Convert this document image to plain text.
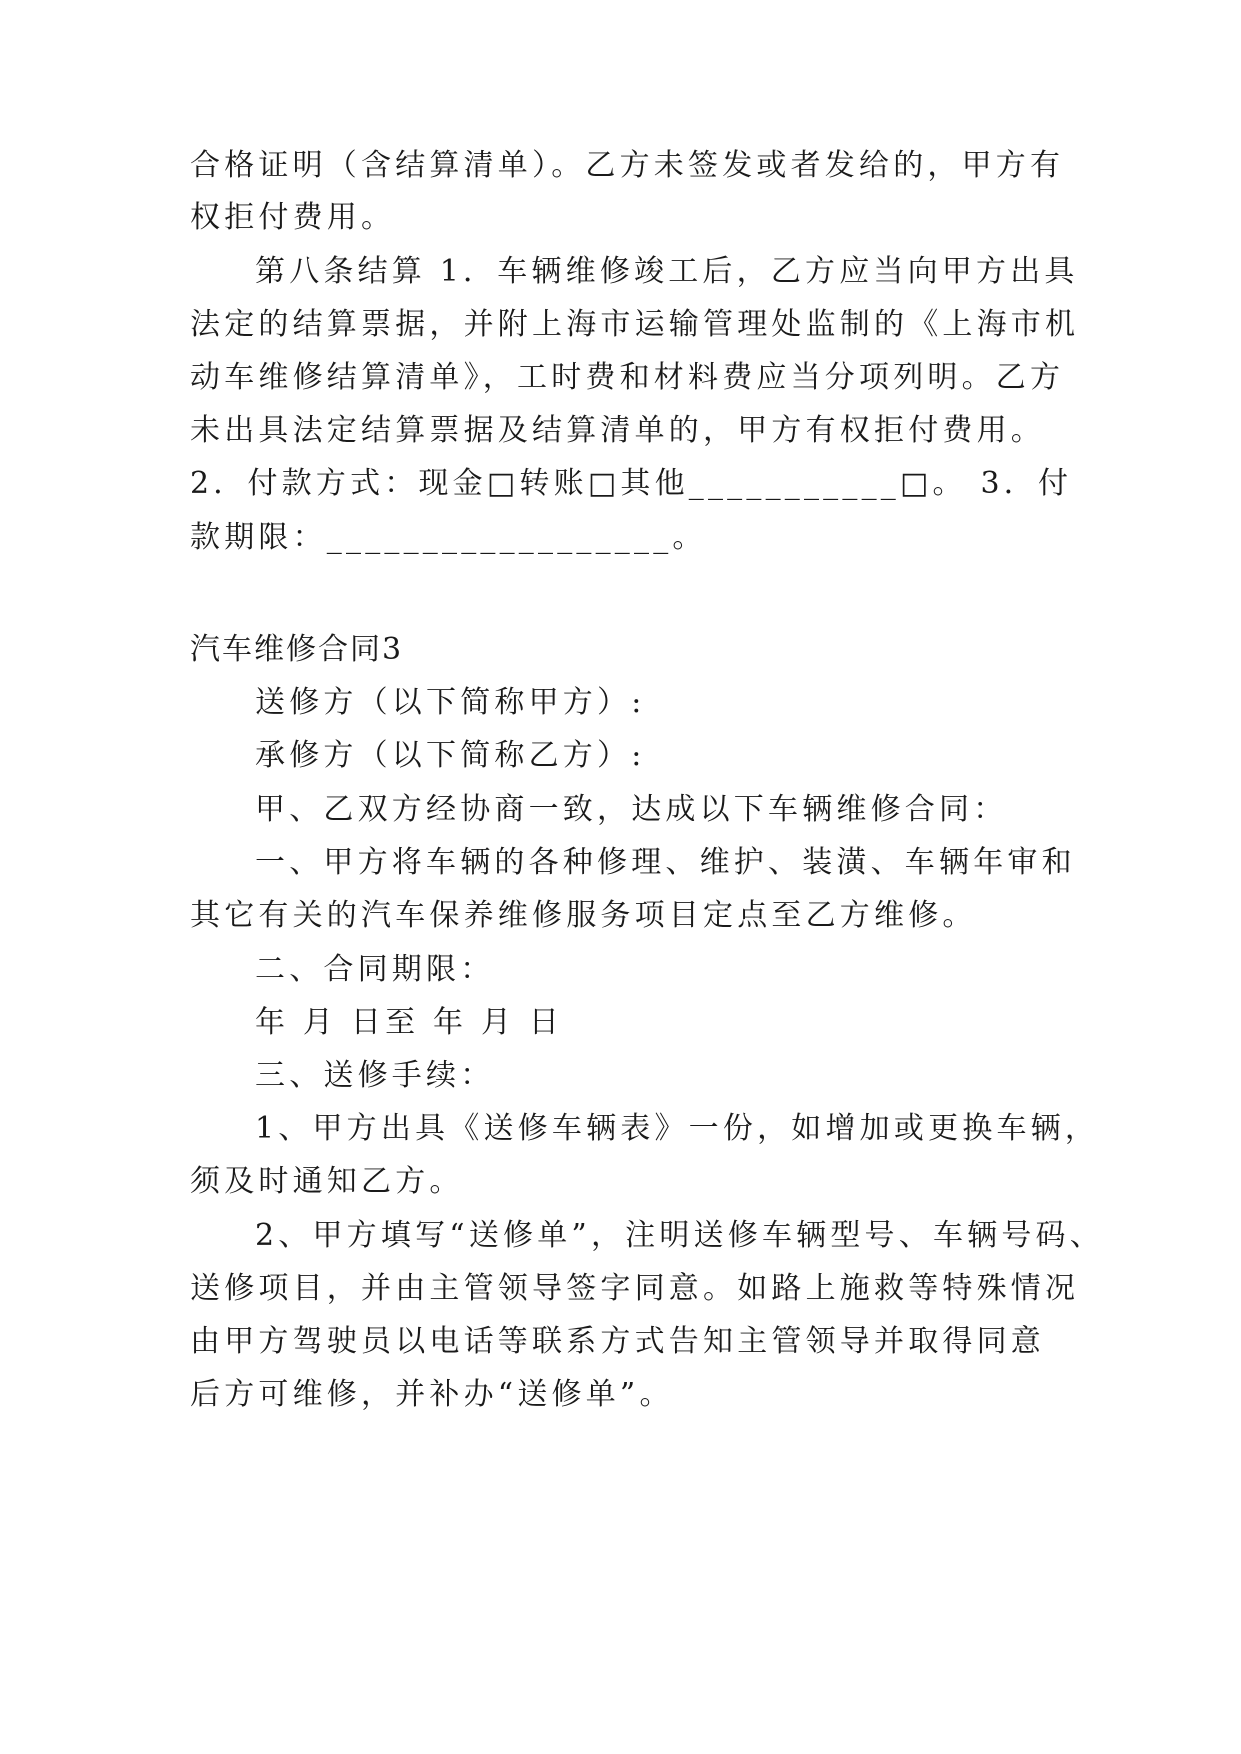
合格证明（含结算清单）。乙方未签发或者发给的，甲方有
权拒付费用。
第八条结算 1．车辆维修竣工后，乙方应当向甲方出具
法定的结算票据，并附上海市运输管理处监制的《上海市机
动车维修结算清单》，工时费和材料费应当分项列明。乙方
未出具法定结算票据及结算清单的，甲方有权拒付费用。
2．付款方式：现金□转账□其他___________□。 3．付
款期限：__________________。
汽车维修合同3
送修方（以下简称甲方）:
承修方（以下简称乙方）:
甲、乙双方经协商一致，达成以下车辆维修合同：
一、甲方将车辆的各种修理、维护、装潢、车辆年审和
其它有关的汽车保养维修服务项目定点至乙方维修。
二、合同期限：
年 月 日至 年 月 日
三、送修手续：
1、甲方出具《送修车辆表》一份，如增加或更换车辆，
须及时通知乙方。
2、甲方填写“送修单”，注明送修车辆型号、车辆号码、
送修项目，并由主管领导签字同意。如路上施救等特殊情况
由甲方驾驶员以电话等联系方式告知主管领导并取得同意
后方可维修，并补办“送修单”。
